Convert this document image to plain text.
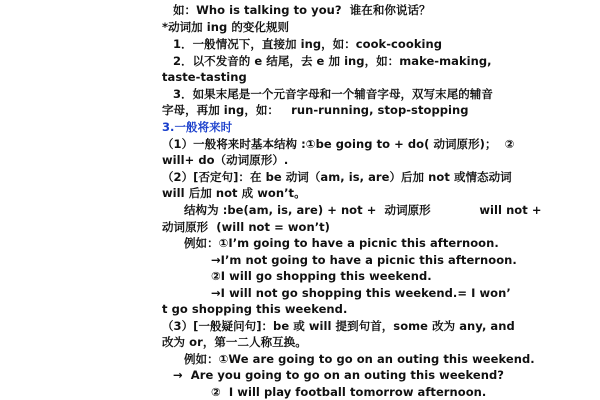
如：Who is talking to you?  谁在和你说话？
*动词加 ing 的变化规则
1．一般情况下，直接加 ing，如：cook-cooking
2．以不发音的 e 结尾，去 e 加 ing，如：make-making,
taste-tasting
3．如果末尾是一个元音字母和一个辅音字母，双写末尾的辅音
字母，再加 ing，如：   run-running, stop-stopping
3.一般将来时
（1）一般将来时基本结构 :①be going to + do( 动词原形)；  ②
will+ do（动词原形）.
（2）[否定句]：在 be 动词（am, is, are）后加 not 或情态动词
will 后加 not 成 won’t。
结构为 :be(am, is, are) + not +  动词原形            will not +
动词原形  (will not = won’t)
例如：①I’m going to have a picnic this afternoon.
→I’m not going to have a picnic this afternoon.
②I will go shopping this weekend.
→I will not go shopping this weekend.= I won’
t go shopping this weekend.
（3）[一般疑问句]：be 或 will 提到句首，some 改为 any, and
改为 or，第一二人称互换。
例如：①We are going to go on an outing this weekend.
→  Are you going to go on an outing this weekend?
②  I will play football tomorrow afternoon.
